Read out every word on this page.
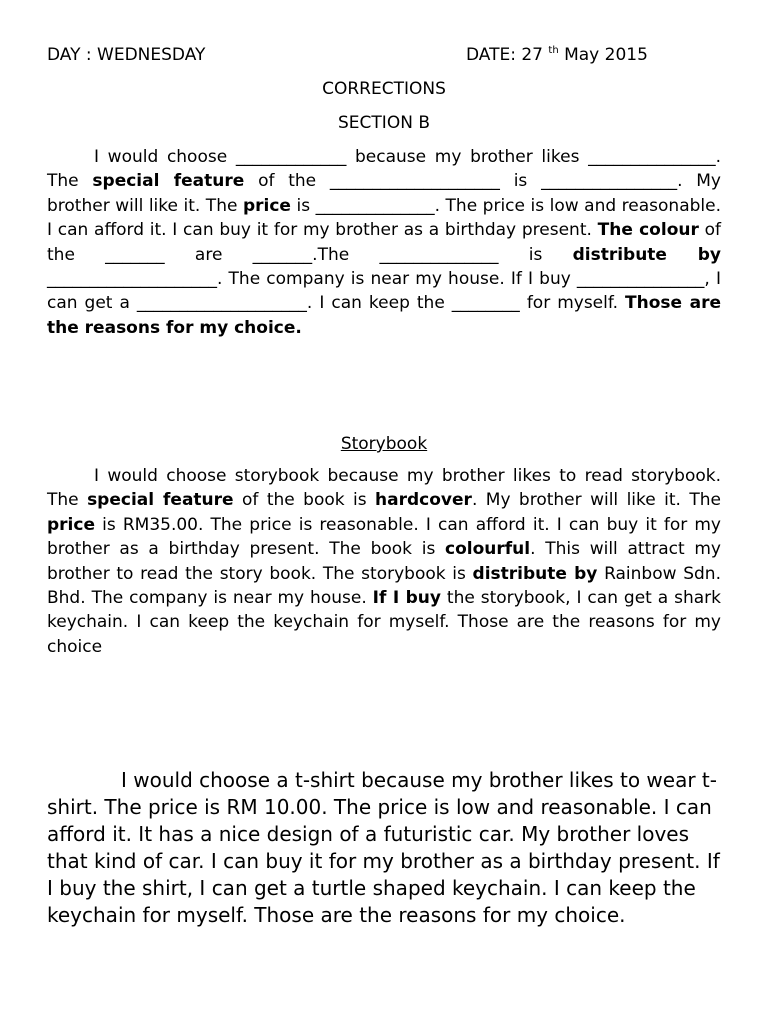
DAY : WEDNESDAY	DATE: 27 $^{th}$ May 2015
CORRECTIONS
SECTION B

I would choose _____________ because my brother likes _______________. The special feature of the ____________________ is ________________. My brother will like it. The price is ______________. The price is low and reasonable. I can afford it. I can buy it for my brother as a birthday present. The colour of the _______ are _______.The ______________ is distribute by ____________________. The company is near my house. If I buy _______________, I can get a ____________________. I can keep the ________ for myself. Those are the reasons for my choice.

Storybook

I would choose storybook because my brother likes to read storybook. The special feature of the book is hardcover. My brother will like it. The price is RM35.00. The price is reasonable. I can afford it. I can buy it for my brother as a birthday present. The book is colourful. This will attract my brother to read the story book. The storybook is distribute by Rainbow Sdn. Bhd. The company is near my house. If I buy the storybook, I can get a shark keychain. I can keep the keychain for myself. Those are the reasons for my choice

I would choose a t-shirt because my brother likes to wear t-shirt. The price is RM 10.00. The price is low and reasonable. I can afford it. It has a nice design of a futuristic car. My brother loves that kind of car. I can buy it for my brother as a birthday present. If I buy the shirt, I can get a turtle shaped keychain. I can keep the keychain for myself. Those are the reasons for my choice.
